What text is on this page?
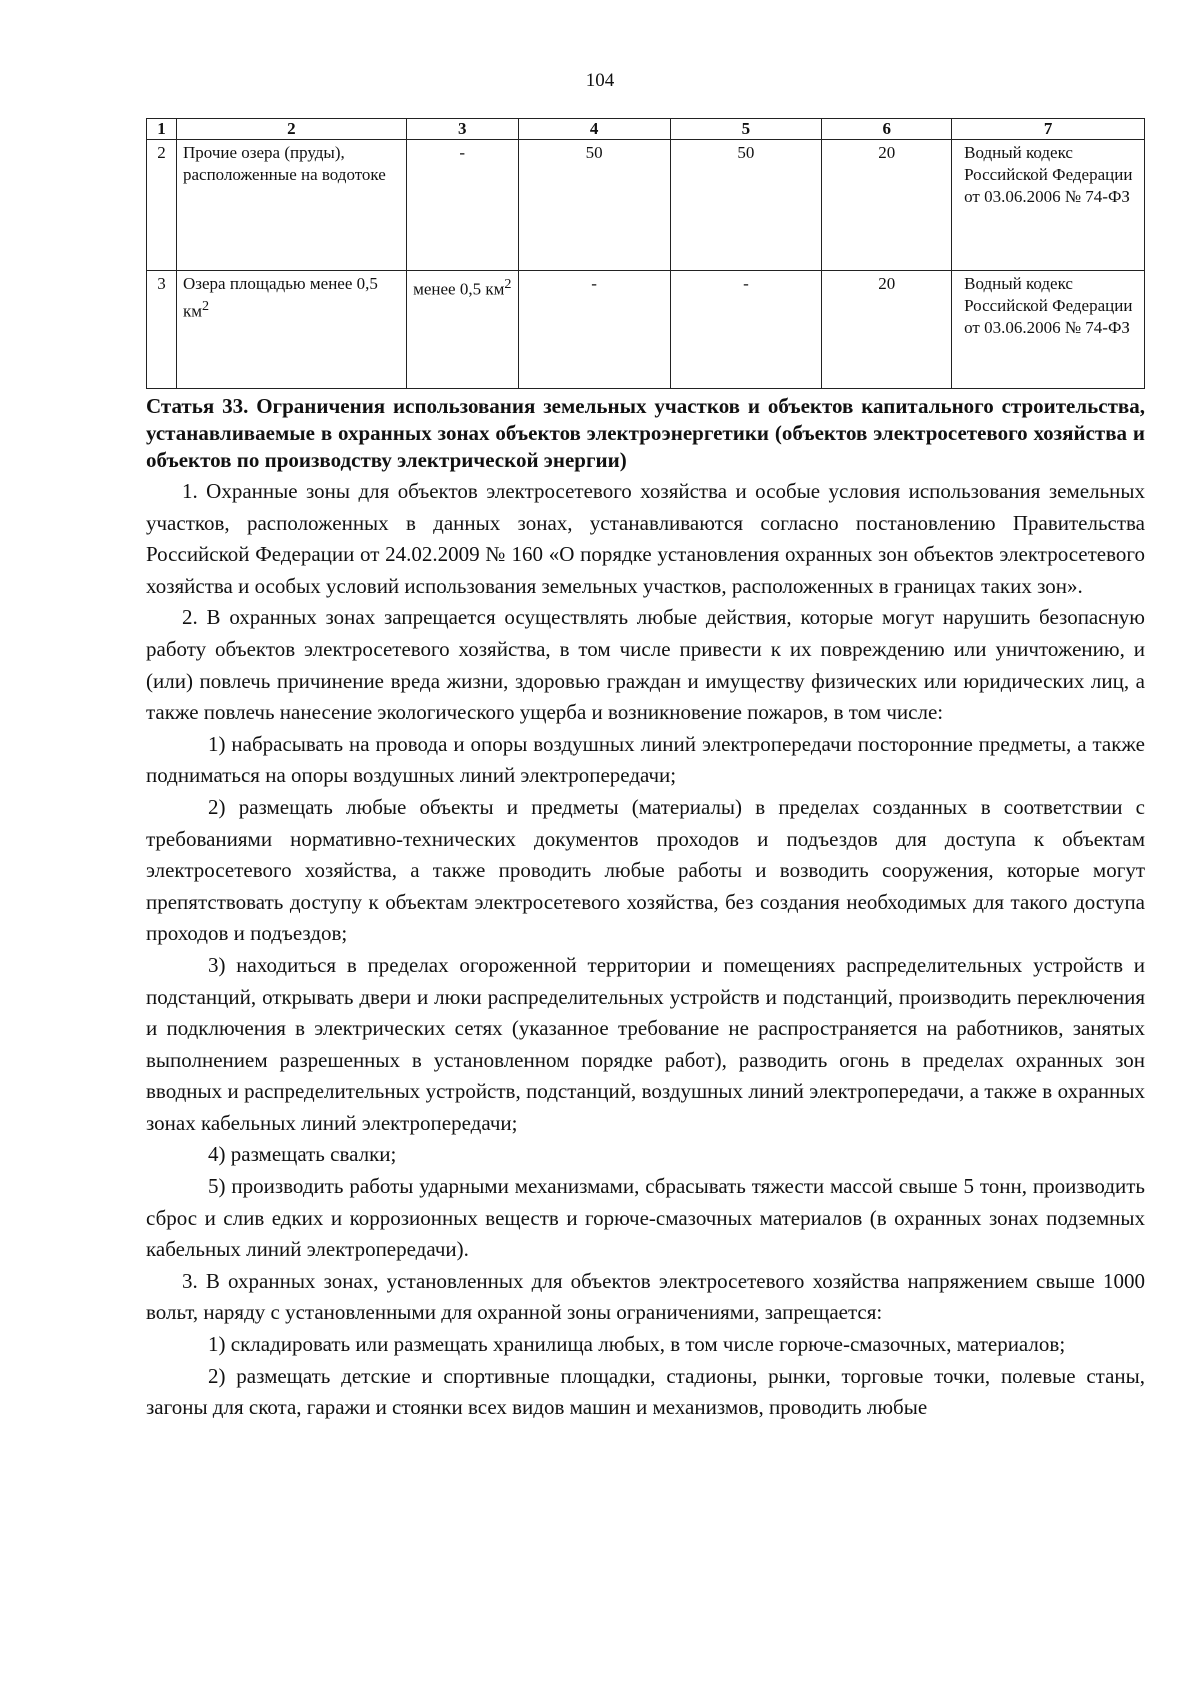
104
1	2	3	4	5	6	7
2	Прочие озера (пруды), расположенные на водотоке	-	50	50	20	Водный кодекс Российской Федерации от 03.06.2006 № 74-ФЗ
3	Озера площадью менее 0,5 $км^2$	менее 0,5 $км^2$	-	-	20	Водный кодекс Российской Федерации от 03.06.2006 № 74-ФЗ
Статья 33. Ограничения использования земельных участков и объектов капитального строительства, устанавливаемые в охранных зонах объектов электроэнергетики (объектов электросетевого хозяйства и объектов по производству электрической энергии)

1. Охранные зоны для объектов электросетевого хозяйства и особые условия использования земельных участков, расположенных в данных зонах, устанавливаются согласно постановлению Правительства Российской Федерации от 24.02.2009 № 160 «О порядке установления охранных зон объектов электросетевого хозяйства и особых условий использования земельных участков, расположенных в границах таких зон».

2. В охранных зонах запрещается осуществлять любые действия, которые могут нарушить безопасную работу объектов электросетевого хозяйства, в том числе привести к их повреждению или уничтожению, и (или) повлечь причинение вреда жизни, здоровью граждан и имуществу физических или юридических лиц, а также повлечь нанесение экологического ущерба и возникновение пожаров, в том числе:

1) набрасывать на провода и опоры воздушных линий электропередачи посторонние предметы, а также подниматься на опоры воздушных линий электропередачи;

2) размещать любые объекты и предметы (материалы) в пределах созданных в соответствии с требованиями нормативно-технических документов проходов и подъездов для доступа к объектам электросетевого хозяйства, а также проводить любые работы и возводить сооружения, которые могут препятствовать доступу к объектам электросетевого хозяйства, без создания необходимых для такого доступа проходов и подъездов;

3) находиться в пределах огороженной территории и помещениях распределительных устройств и подстанций, открывать двери и люки распределительных устройств и подстанций, производить переключения и подключения в электрических сетях (указанное требование не распространяется на работников, занятых выполнением разрешенных в установленном порядке работ), разводить огонь в пределах охранных зон вводных и распределительных устройств, подстанций, воздушных линий электропередачи, а также в охранных зонах кабельных линий электропередачи;

4) размещать свалки;

5) производить работы ударными механизмами, сбрасывать тяжести массой свыше 5 тонн, производить сброс и слив едких и коррозионных веществ и горюче-смазочных материалов (в охранных зонах подземных кабельных линий электропередачи).

3. В охранных зонах, установленных для объектов электросетевого хозяйства напряжением свыше 1000 вольт, наряду с установленными для охранной зоны ограничениями, запрещается:

1) складировать или размещать хранилища любых, в том числе горюче-смазочных, материалов;

2) размещать детские и спортивные площадки, стадионы, рынки, торговые точки, полевые станы, загоны для скота, гаражи и стоянки всех видов машин и механизмов, проводить любые
